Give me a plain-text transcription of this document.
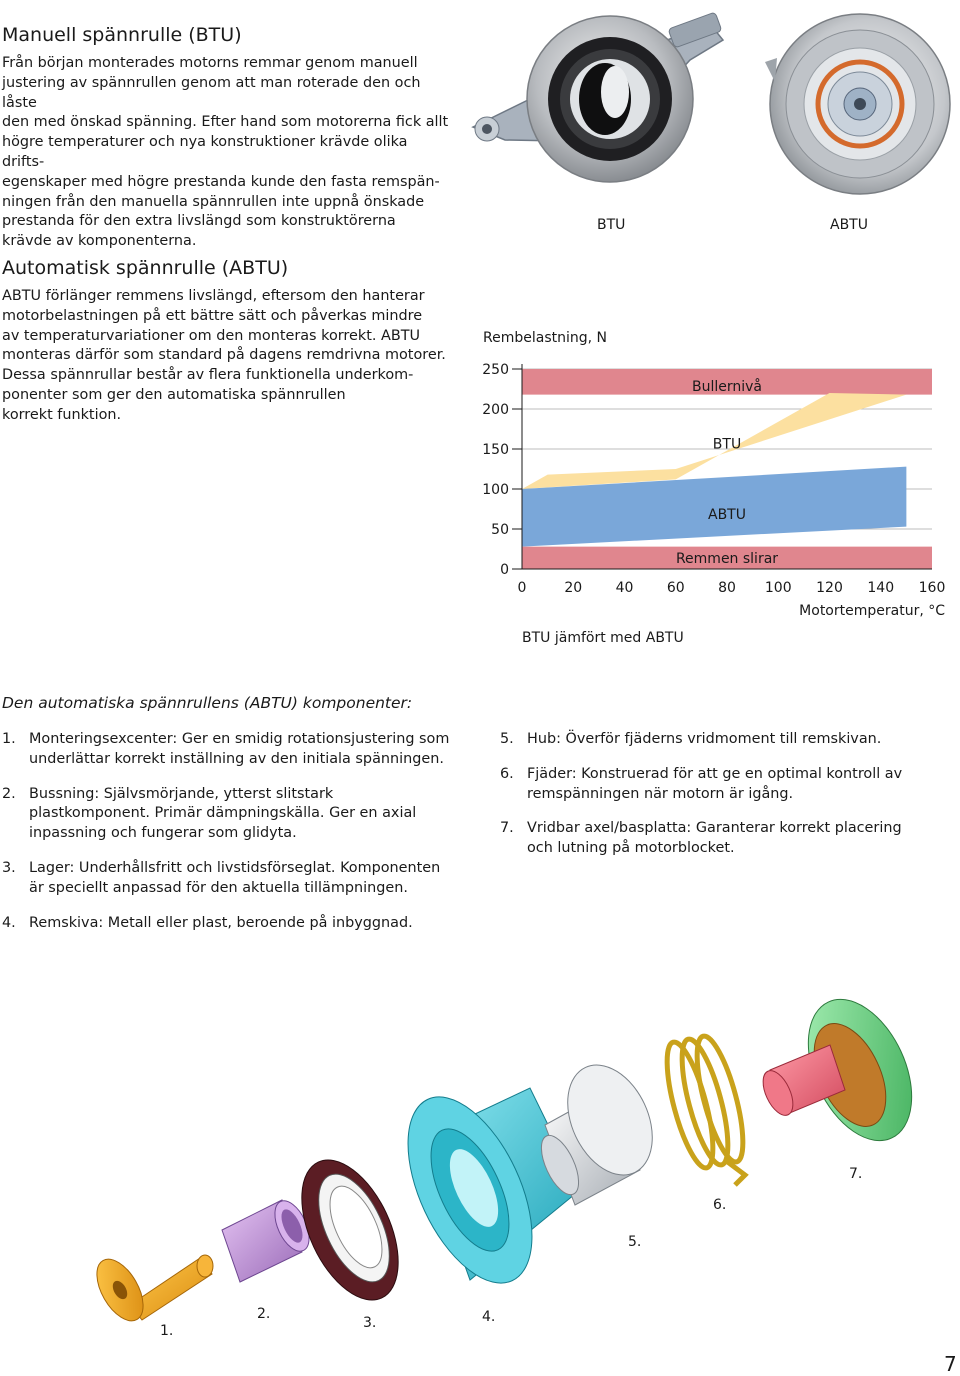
Manuell spännrulle (BTU)
Från början monterades motorns remmar genom manuell
justering av spännrullen genom att man roterade den och låste
den med önskad spänning. Efter hand som motorerna fick allt
högre temperaturer och nya konstruktioner krävde olika drifts-
egenskaper med högre prestanda kunde den fasta remspän-
ningen från den manuella spännrullen inte uppnå önskade
prestanda för den extra livslängd som konstruktörerna
krävde av komponenterna.
Automatisk spännrulle (ABTU)
ABTU förlänger remmens livslängd, eftersom den hanterar
motorbelastningen på ett bättre sätt och påverkas mindre
av temperaturvariationer om den monteras korrekt. ABTU
monteras därför som standard på dagens remdrivna motorer.
Dessa spännrullar består av flera funktionella underkom-
ponenter som ger den automatiska spännrullen
korrekt funktion.
BTU	ABTU
Rembelastning, N
0
50
100
150
200
250
0	20 40 60 80 100 120 140 160
Bullernivå
BTU
ABTU
Remmen slirar
Motortemperatur, °C
BTU jämfört med ABTU
Den automatiska spännrullens (ABTU) komponenter:
1. Monteringsexcenter: Ger en smidig rotationsjustering som underlättar korrekt inställning av den initiala spänningen.
2. Bussning: Självsmörjande, ytterst slitstark plastkomponent. Primär dämpningskälla. Ger en axial inpassning och fungerar som glidyta.
3. Lager: Underhållsfritt och livstidsförseglat. Komponenten är speciellt anpassad för den aktuella tillämpningen.
4. Remskiva: Metall eller plast, beroende på inbyggnad.
5. Hub: Överför fjäderns vridmoment till remskivan.
6. Fjäder: Konstruerad för att ge en optimal kontroll av remspänningen när motorn är igång.
7. Vridbar axel/basplatta: Garanterar korrekt placering och lutning på motorblocket.
1.
2.
3.	4.
5.
6.
7.
7
